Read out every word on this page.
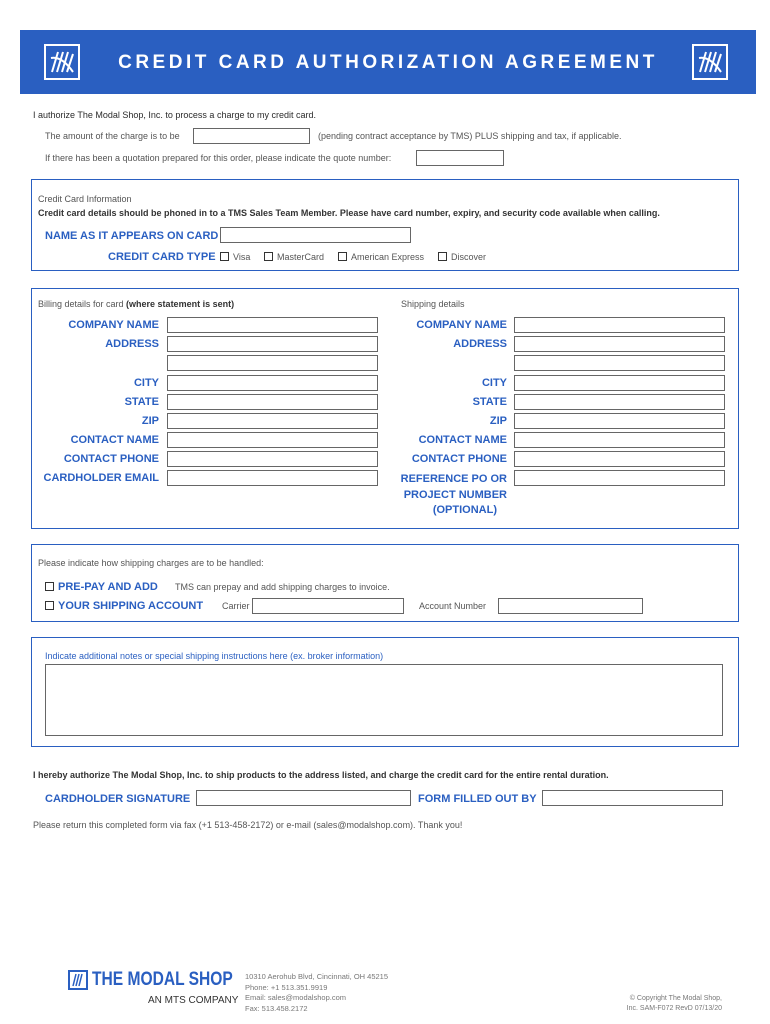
CREDIT CARD AUTHORIZATION AGREEMENT
I authorize The Modal Shop, Inc. to process a charge to my credit card.
The amount of the charge is to be	(pending contract acceptance by TMS) PLUS shipping and tax, if applicable.
If there has been a quotation prepared for this order, please indicate the quote number:
Credit Card Information
Credit card details should be phoned in to a TMS Sales Team Member. Please have card number, expiry, and security code available when calling.
NAME AS IT APPEARS ON CARD
CREDIT CARD TYPE	Visa	MasterCard	American Express	Discover
Billing details for card (where statement is sent)	Shipping details
COMPANY NAME
ADDRESS
CITY
STATE
ZIP
CONTACT NAME
CONTACT PHONE
CARDHOLDER EMAIL
COMPANY NAME
ADDRESS
CITY
STATE
ZIP
CONTACT NAME
CONTACT PHONE
REFERENCE PO OR
PROJECT NUMBER
(OPTIONAL)
Please indicate how shipping charges are to be handled:
PRE-PAY AND ADD TMS can prepay and add shipping charges to invoice.
YOUR SHIPPING ACCOUNT Carrier	Account Number
Indicate additional notes or special shipping instructions here (ex. broker information)
I hereby authorize The Modal Shop, Inc. to ship products to the address listed, and charge the credit card for the entire rental duration.
CARDHOLDER SIGNATURE	FORM FILLED OUT BY
Please return this completed form via fax (+1 513-458-2172) or e-mail (sales@modalshop.com). Thank you!
THE MODAL SHOP
AN MTS COMPANY
10310 Aerohub Blvd, Cincinnati, OH 45215
Phone: +1 513.351.9919
Email: sales@modalshop.com
Fax: 513.458.2172
© Copyright The Modal Shop,
Inc. SAM-F072 RevD 07/13/20
